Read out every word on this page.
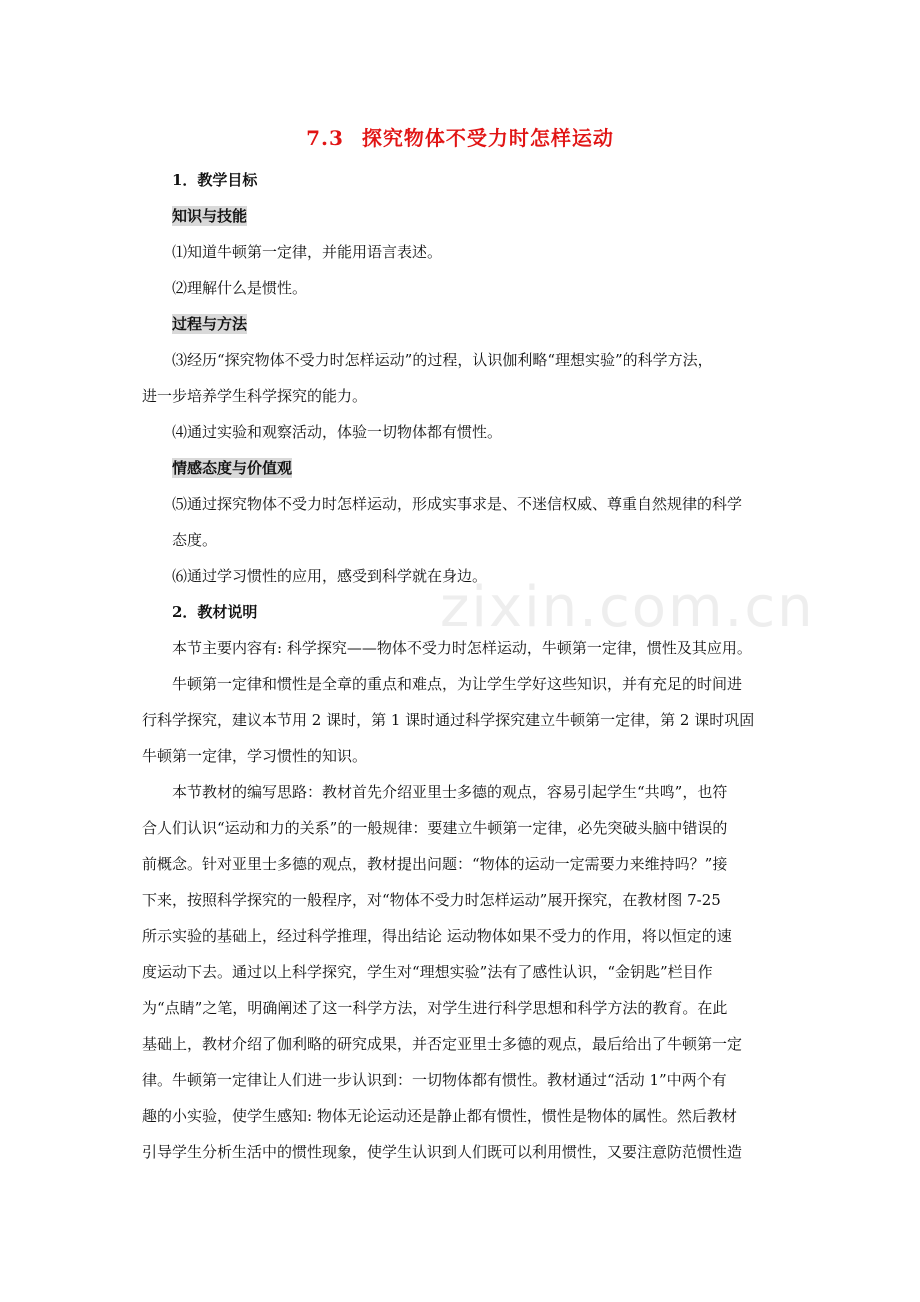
zixin.com.cn
7.3 探究物体不受力时怎样运动
1．教学目标
知识与技能
⑴知道牛顿第一定律，并能用语言表述。
⑵理解什么是惯性。
过程与方法
⑶经历“探究物体不受力时怎样运动”的过程，认识伽利略“理想实验”的科学方法，
进一步培养学生科学探究的能力。
⑷通过实验和观察活动，体验一切物体都有惯性。
情感态度与价值观
⑸通过探究物体不受力时怎样运动，形成实事求是、不迷信权威、尊重自然规律的科学
态度。
⑹通过学习惯性的应用，感受到科学就在身边。
2．教材说明
本节主要内容有: 科学探究——物体不受力时怎样运动，牛顿第一定律，惯性及其应用。
牛顿第一定律和惯性是全章的重点和难点，为让学生学好这些知识，并有充足的时间进
行科学探究，建议本节用 2 课时，第 1 课时通过科学探究建立牛顿第一定律，第 2 课时巩固
牛顿第一定律，学习惯性的知识。
本节教材的编写思路：教材首先介绍亚里士多德的观点，容易引起学生“共鸣”，也符
合人们认识“运动和力的关系”的一般规律：要建立牛顿第一定律，必先突破头脑中错误的
前概念。针对亚里士多德的观点，教材提出问题：“物体的运动一定需要力来维持吗？”接
下来，按照科学探究的一般程序，对“物体不受力时怎样运动”展开探究，在教材图 7-25
所示实验的基础上，经过科学推理，得出结论 运动物体如果不受力的作用，将以恒定的速
度运动下去。通过以上科学探究，学生对“理想实验”法有了感性认识，“金钥匙”栏目作
为“点睛”之笔，明确阐述了这一科学方法，对学生进行科学思想和科学方法的教育。在此
基础上，教材介绍了伽利略的研究成果，并否定亚里士多德的观点，最后给出了牛顿第一定
律。牛顿第一定律让人们进一步认识到：一切物体都有惯性。教材通过“活动 1”中两个有
趣的小实验，使学生感知: 物体无论运动还是静止都有惯性，惯性是物体的属性。然后教材
引导学生分析生活中的惯性现象，使学生认识到人们既可以利用惯性，又要注意防范惯性造
